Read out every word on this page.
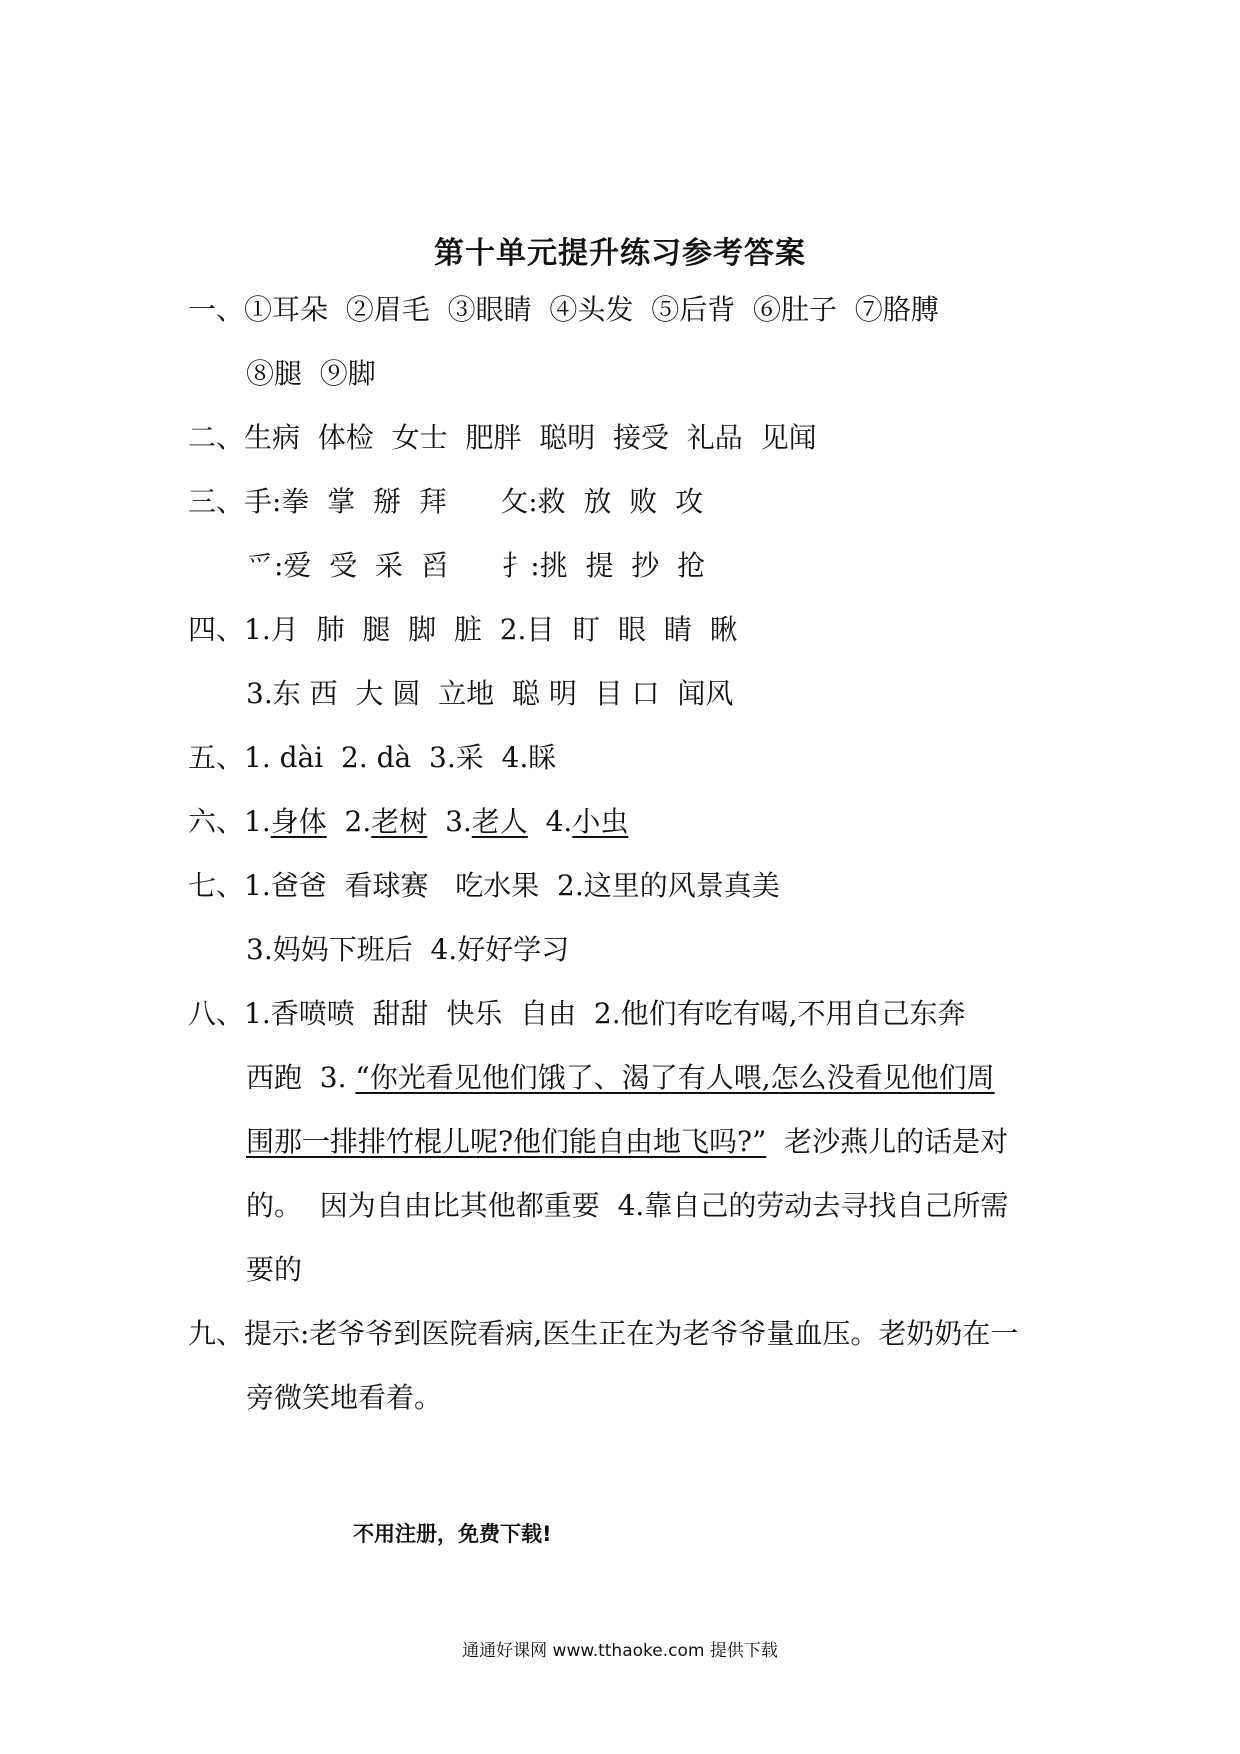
第十单元提升练习参考答案
一、①耳朵  ②眉毛  ③眼睛  ④头发  ⑤后背  ⑥肚子  ⑦胳膊
⑧腿  ⑨脚
二、生病  体检  女士  肥胖  聪明  接受  礼品  见闻
三、手:拳  掌  掰  拜      攵:救  放  败  攻
爫:爱  受  采  舀      扌:挑  提  抄  抢
四、1.月  肺  腿  脚  脏  2.目  盯  眼  睛  瞅
3.东 西  大 圆  立地  聪 明  目 口  闻风
五、1. dài  2. dà  3.采  4.睬
六、1.身体  2.老树  3.老人  4.小虫
七、1.爸爸  看球赛   吃水果  2.这里的风景真美
3.妈妈下班后  4.好好学习
八、1.香喷喷  甜甜  快乐  自由  2.他们有吃有喝,不用自己东奔
西跑  3. “你光看见他们饿了、渴了有人喂,怎么没看见他们周
围那一排排竹棍儿呢?他们能自由地飞吗?”  老沙燕儿的话是对
的。  因为自由比其他都重要  4.靠自己的劳动去寻找自己所需
要的
九、提示:老爷爷到医院看病,医生正在为老爷爷量血压。老奶奶在一
旁微笑地看着。
不用注册，免费下载!
通通好课网 www.tthaoke.com 提供下载
